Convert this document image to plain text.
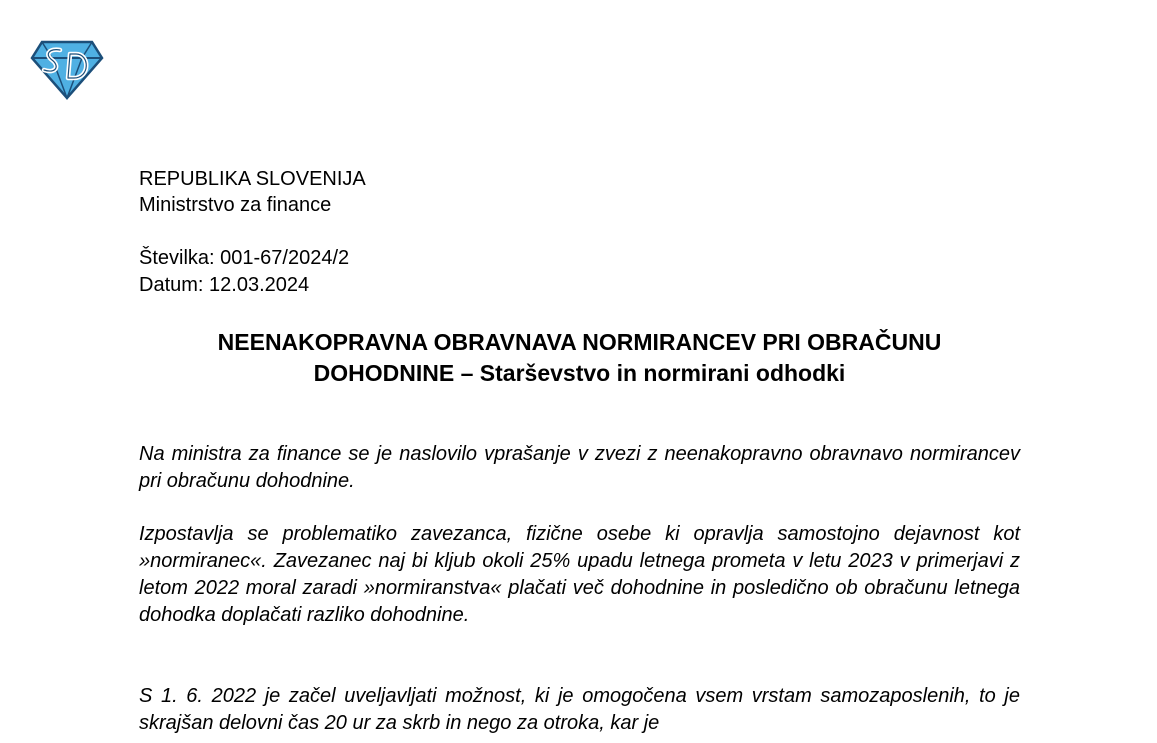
REPUBLIKA SLOVENIJA
Ministrstvo za finance
Številka: 001-67/2024/2
Datum: 12.03.2024
NEENAKOPRAVNA OBRAVNAVA NORMIRANCEV PRI OBRAČUNU
DOHODNINE – Starševstvo in normirani odhodki

Na ministra za finance se je naslovilo vprašanje v zvezi z neenakopravno obravnavo normirancev pri obračunu dohodnine.

Izpostavlja se problematiko zavezanca, fizične osebe ki opravlja samostojno dejavnost kot »normiranec«. Zavezanec naj bi kljub okoli 25% upadu letnega prometa v letu 2023 v primerjavi z letom 2022 moral zaradi »normiranstva« plačati več dohodnine in posledično ob obračunu letnega dohodka doplačati razliko dohodnine.

S 1. 6. 2022 je začel uveljavljati možnost, ki je omogočena vsem vrstam samozaposlenih, to je skrajšan delovni čas 20 ur za skrb in nego za otroka, kar je
